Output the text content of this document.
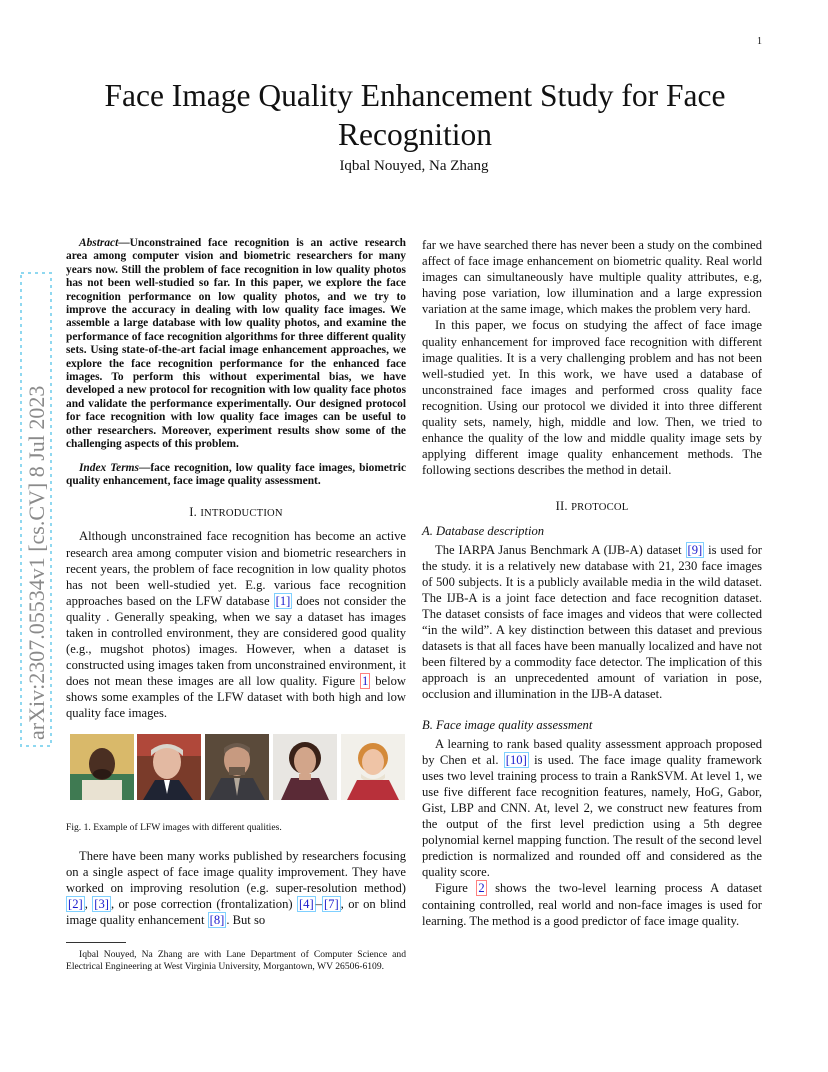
1
arXiv:2307.05534v1 [cs.CV] 8 Jul 2023
Face Image Quality Enhancement Study for Face Recognition
Iqbal Nouyed, Na Zhang

Abstract—Unconstrained face recognition is an active research area among computer vision and biometric researchers for many years now. Still the problem of face recognition in low quality photos has not been well-studied so far. In this paper, we explore the face recognition performance on low quality photos, and we try to improve the accuracy in dealing with low quality face images. We assemble a large database with low quality photos, and examine the performance of face recognition algorithms for three different quality sets. Using state-of-the-art facial image enhancement approaches, we explore the face recognition performance for the enhanced face images. To perform this without experimental bias, we have developed a new protocol for recognition with low quality face photos and validate the performance experimentally. Our designed protocol for face recognition with low quality face images can be useful to other researchers. Moreover, experiment results show some of the challenging aspects of this problem.

Index Terms—face recognition, low quality face images, biometric quality enhancement, face image quality assessment.

I. INTRODUCTION

Although unconstrained face recognition has become an active research area among computer vision and biometric researchers in recent years, the problem of face recognition in low quality photos has not been well-studied yet. E.g. various face recognition approaches based on the LFW database [1] does not consider the quality . Generally speaking, when we say a dataset has images taken in controlled environment, they are considered good quality (e.g., mugshot photos) images. However, when a dataset is constructed using images taken from unconstrained environment, it does not mean these images are all low quality. Figure 1 below shows some examples of the LFW dataset with both high and low quality face images.

Fig. 1. Example of LFW images with different qualities.

There have been many works published by researchers focusing on a single aspect of face image quality improvement. They have worked on improving resolution (e.g. super-resolution method) [2] , [3] , or pose correction (frontalization) [4] – [7] , or on blind image quality enhancement [8] . But so

Iqbal Nouyed, Na Zhang are with Lane Department of Computer Science and Electrical Engineering at West Virginia University, Morgantown, WV 26506-6109.

far we have searched there has never been a study on the combined affect of face image enhancement on biometric quality. Real world images can simultaneously have multiple quality attributes, e.g, having pose variation, low illumination and a large expression variation at the same image, which makes the problem very hard.

In this paper, we focus on studying the affect of face image quality enhancement for improved face recognition with different image qualities. It is a very challenging problem and has not been well-studied yet. In this work, we have used a database of unconstrained face images and performed cross quality face recognition. Using our protocol we divided it into three different quality sets, namely, high, middle and low. Then, we tried to enhance the quality of the low and middle quality image sets by applying different image quality enhancement methods. The following sections describes the method in detail.

II. PROTOCOL
A. Database description

The IARPA Janus Benchmark A (IJB-A) dataset [9] is used for the study. it is a relatively new database with 21, 230 face images of 500 subjects. It is a publicly available media in the wild dataset. The IJB-A is a joint face detection and face recognition dataset. The dataset consists of face images and videos that were collected “in the wild”. A key distinction between this dataset and previous datasets is that all faces have been manually localized and have not been filtered by a commodity face detector. The implication of this approach is an unprecedented amount of variation in pose, occlusion and illumination in the IJB-A dataset.

B. Face image quality assessment

A learning to rank based quality assessment approach proposed by Chen et al. [10] is used. The face image quality framework uses two level training process to train a RankSVM. At level 1, we use five different face recognition features, namely, HoG, Gabor, Gist, LBP and CNN. At, level 2, we construct new features from the output of the first level prediction using a 5th degree polynomial kernel mapping function. The result of the second level prediction is normalized and rounded off and considered as the quality score.

Figure 2 shows the two-level learning process A dataset containing controlled, real world and non-face images is used for learning. The method is a good predictor of face image quality.
